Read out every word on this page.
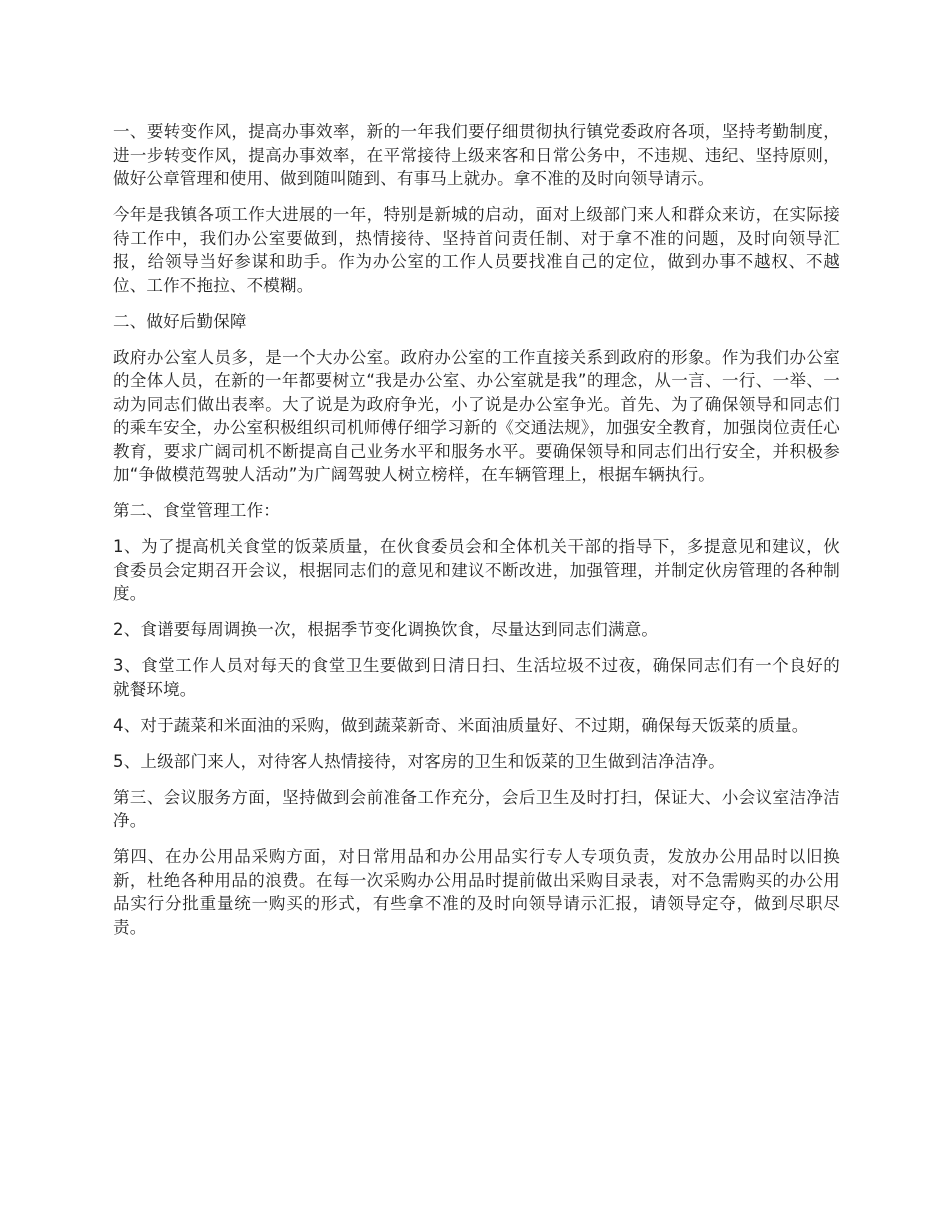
一、要转变作风，提高办事效率，新的一年我们要仔细贯彻执行镇党委政府各项，坚持考勤制度，进一步转变作风，提高办事效率，在平常接待上级来客和日常公务中，不违规、违纪、坚持原则，做好公章管理和使用、做到随叫随到、有事马上就办。拿不准的及时向领导请示。

今年是我镇各项工作大进展的一年，特别是新城的启动，面对上级部门来人和群众来访，在实际接待工作中，我们办公室要做到，热情接待、坚持首问责任制、对于拿不准的问题，及时向领导汇报，给领导当好参谋和助手。作为办公室的工作人员要找准自己的定位，做到办事不越权、不越位、工作不拖拉、不模糊。

二、做好后勤保障

政府办公室人员多，是一个大办公室。政府办公室的工作直接关系到政府的形象。作为我们办公室的全体人员，在新的一年都要树立“我是办公室、办公室就是我”的理念，从一言、一行、一举、一动为同志们做出表率。大了说是为政府争光，小了说是办公室争光。首先、为了确保领导和同志们的乘车安全，办公室积极组织司机师傅仔细学习新的《交通法规》，加强安全教育，加强岗位责任心教育，要求广阔司机不断提高自己业务水平和服务水平。要确保领导和同志们出行安全，并积极参加“争做模范驾驶人活动”为广阔驾驶人树立榜样，在车辆管理上，根据车辆执行。

第二、食堂管理工作：

1、为了提高机关食堂的饭菜质量，在伙食委员会和全体机关干部的指导下，多提意见和建议，伙食委员会定期召开会议，根据同志们的意见和建议不断改进，加强管理，并制定伙房管理的各种制度。

2、食谱要每周调换一次，根据季节变化调换饮食，尽量达到同志们满意。

3、食堂工作人员对每天的食堂卫生要做到日清日扫、生活垃圾不过夜，确保同志们有一个良好的就餐环境。

4、对于蔬菜和米面油的采购，做到蔬菜新奇、米面油质量好、不过期，确保每天饭菜的质量。

5、上级部门来人，对待客人热情接待，对客房的卫生和饭菜的卫生做到洁净洁净。

第三、会议服务方面，坚持做到会前准备工作充分，会后卫生及时打扫，保证大、小会议室洁净洁净。

第四、在办公用品采购方面，对日常用品和办公用品实行专人专项负责，发放办公用品时以旧换新，杜绝各种用品的浪费。在每一次采购办公用品时提前做出采购目录表，对不急需购买的办公用品实行分批重量统一购买的形式，有些拿不准的及时向领导请示汇报，请领导定夺，做到尽职尽责。
